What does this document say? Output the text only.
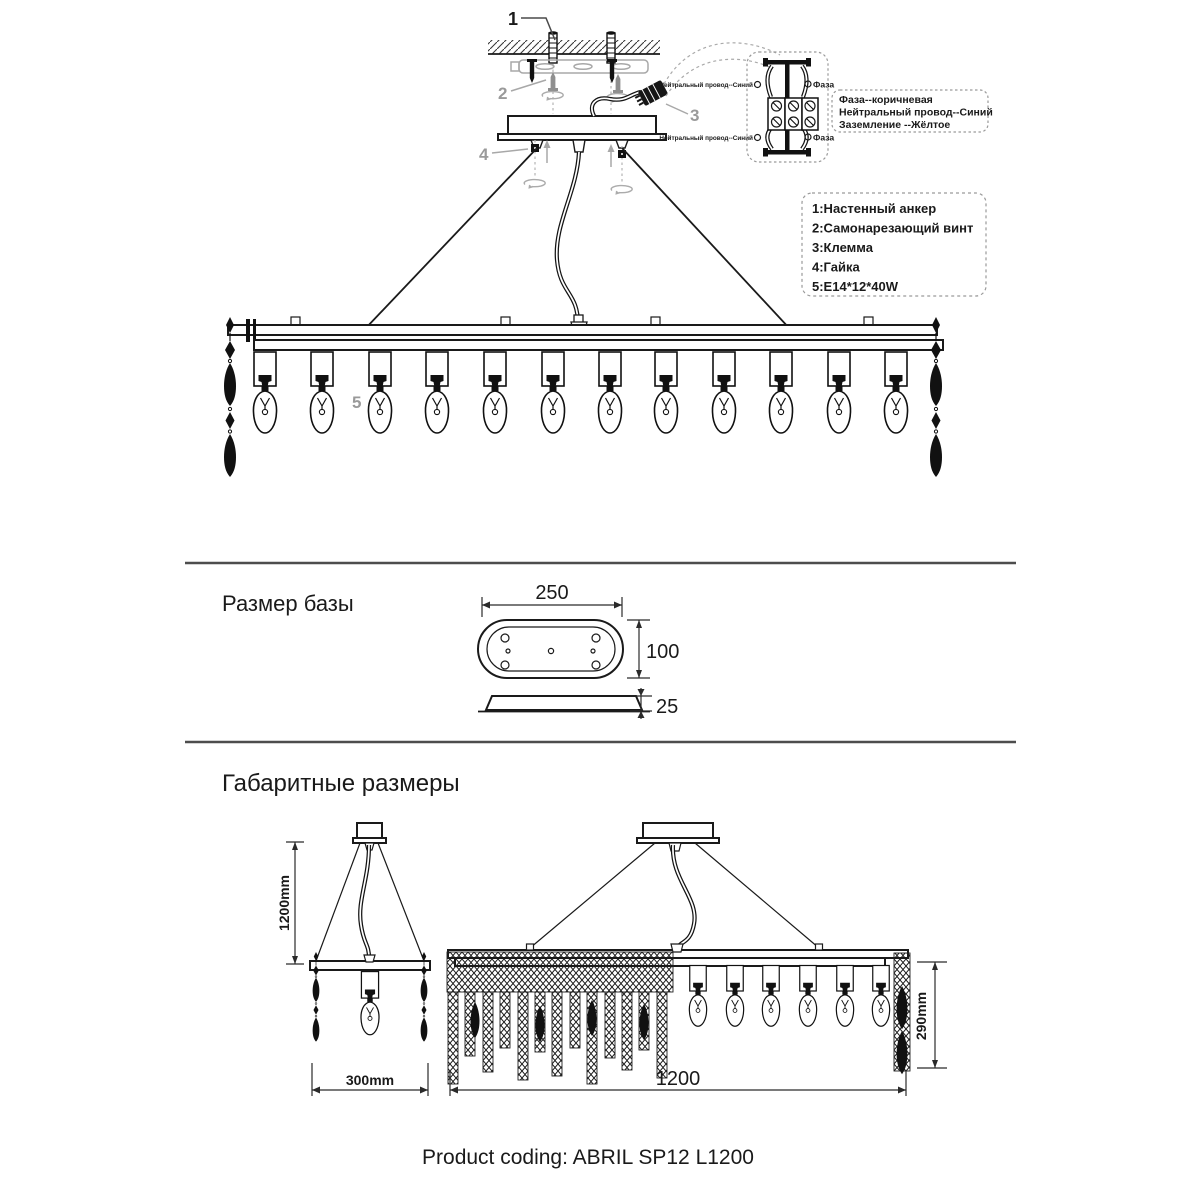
1
2
3
4
5
Нейтральный провод--Синий
Нейтральный провод--Синий
Фаза
Фаза
Фаза--коричневая
Нейтральный провод--Синий
Заземление --Жёлтое
1:Настенный анкер
2:Самонарезающий винт
3:Клемма
4:Гайка
5:E14*12*40W
Размер базы	250
100
25
Габаритные размеры
1200mm
300mm
290mm
1200
Product coding: ABRIL SP12 L1200
